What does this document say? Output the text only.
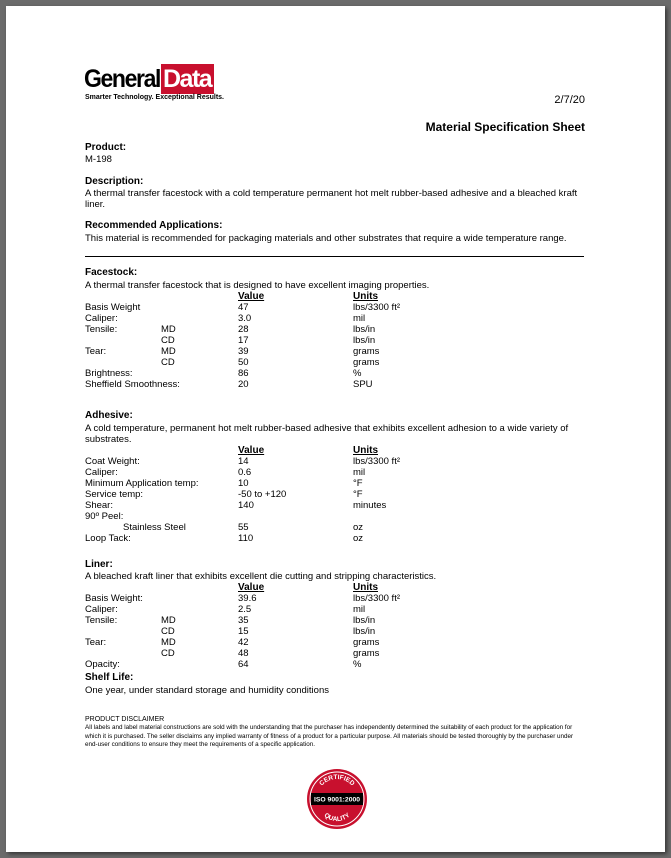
General Data
Smarter Technology. Exceptional Results.	2/7/20
Material Specification Sheet
Product:
M-198
Description:
A thermal transfer facestock with a cold temperature permanent hot melt rubber-based adhesive and a bleached kraft liner.
Recommended Applications:
This material is recommended for packaging materials and other substrates that require a wide temperature range.
Facestock:
A thermal transfer facestock that is designed to have excellent imaging properties.
Value	Units
Basis Weight	47	lbs/3300 ft²
Caliper:	3.0	mil
Tensile:	MD	28	lbs/in
CD	17	lbs/in
Tear:	MD	39	grams
CD	50	grams
Brightness:	86	%
Sheffield Smoothness:	20	SPU
Adhesive:
A cold temperature, permanent hot melt rubber-based adhesive that exhibits excellent adhesion to a wide variety of
substrates.
Value	Units
Coat Weight:	14	lbs/3300 ft²
Caliper:	0.6	mil
Minimum Application temp:	10	°F
Service temp:	-50 to +120	°F
Shear:	140	minutes
90º Peel:
Stainless Steel	55	oz
Loop Tack:	110	oz
Liner:
A bleached kraft liner that exhibits excellent die cutting and stripping characteristics.
Value	Units
Basis Weight:	39.6	lbs/3300 ft²
Caliper:	2.5	mil
Tensile:	MD	35	lbs/in
CD	15	lbs/in
Tear:	MD	42	grams
CD	48	grams
Opacity:	64	%
Shelf Life:
One year, under standard storage and humidity conditions
PRODUCT DISCLAIMER
All labels and label material constructions are sold with the understanding that the purchaser has independently determined the suitability of each product for the application for which it is purchased. The seller disclaims any implied warranty of fitness of a product for a particular purpose. All materials should be tested thoroughly by the purchaser under end-user conditions to ensure they meet the requirements of a specific application.
CERTIFIED
ISO 9001:2000
QUALITY
